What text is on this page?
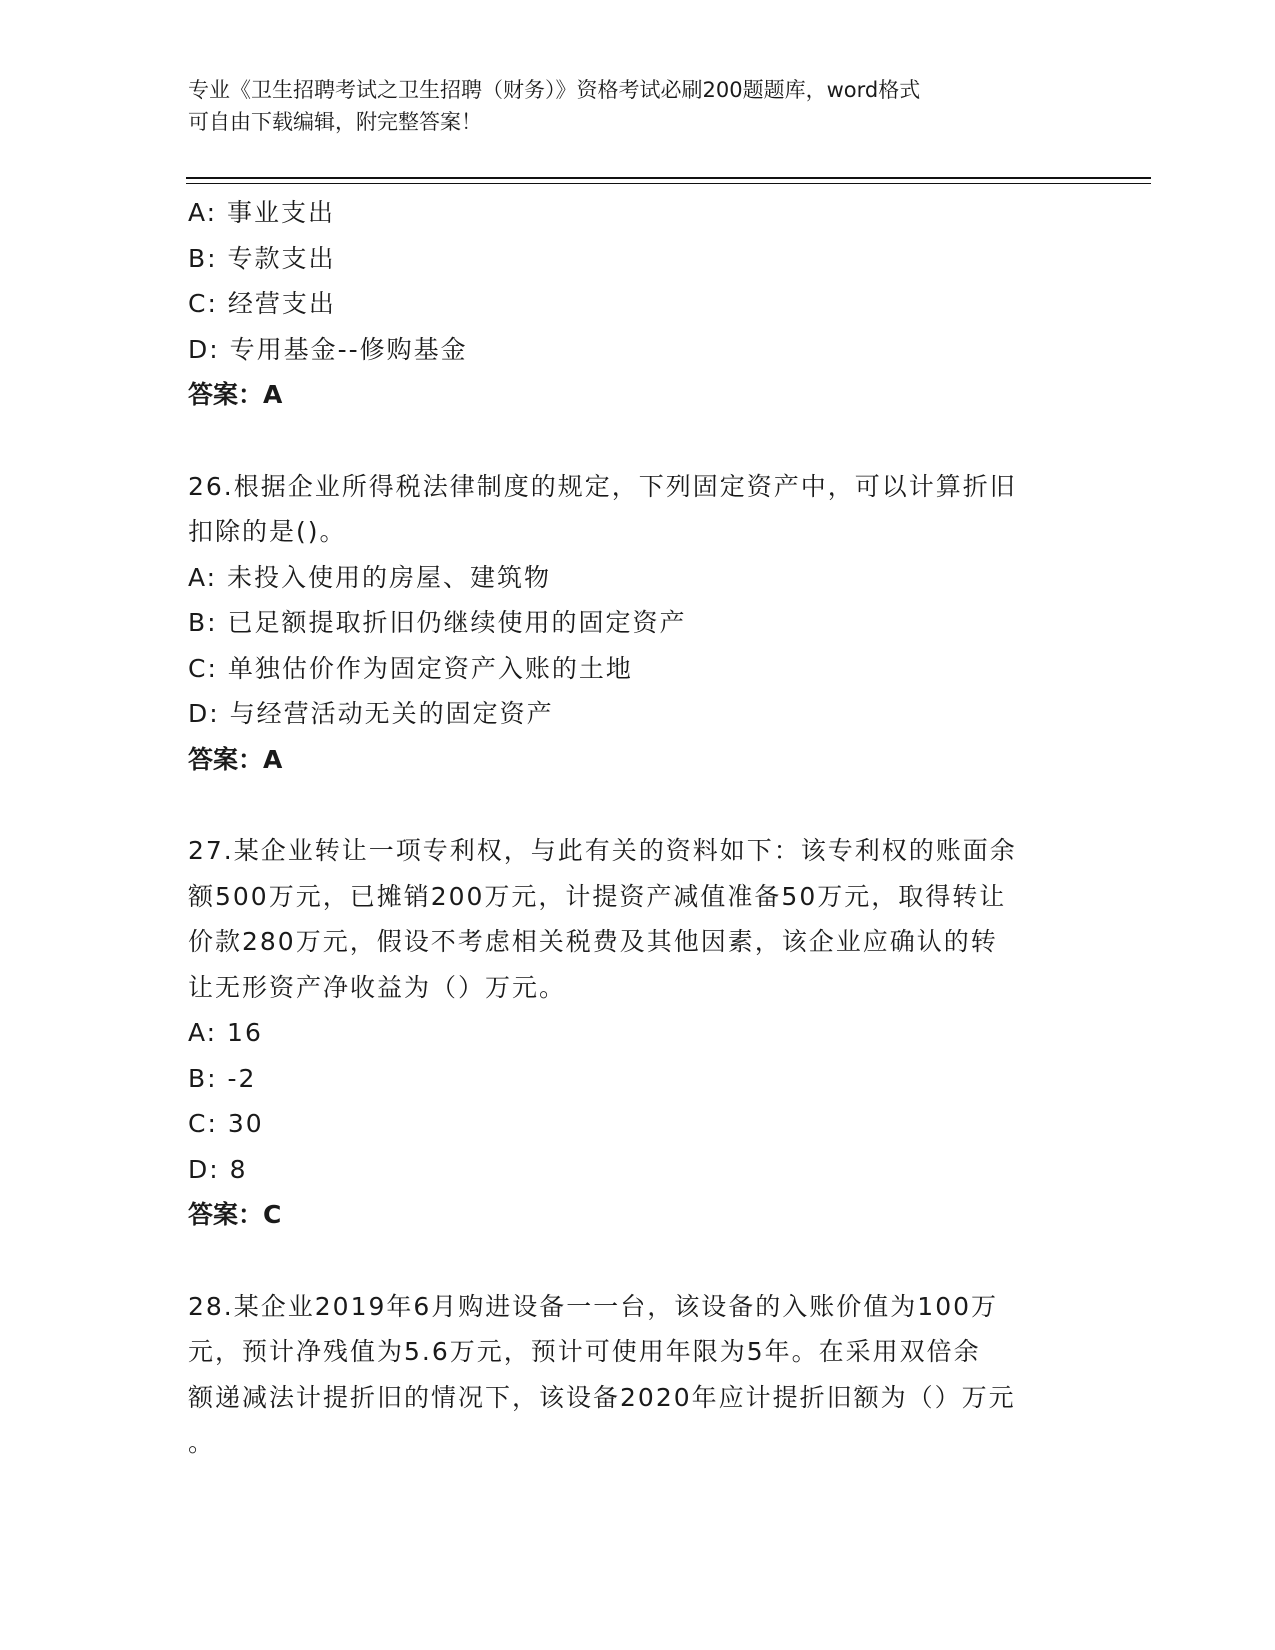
专业《卫生招聘考试之卫生招聘（财务）》资格考试必刷200题题库，word格式
可自由下载编辑，附完整答案！
A: 事业支出
B: 专款支出
C: 经营支出
D: 专用基金--修购基金
答案：A
26.根据企业所得税法律制度的规定，下列固定资产中，可以计算折旧
扣除的是()。
A: 未投入使用的房屋、建筑物
B: 已足额提取折旧仍继续使用的固定资产
C: 单独估价作为固定资产入账的土地
D: 与经营活动无关的固定资产
答案：A
27.某企业转让一项专利权，与此有关的资料如下：该专利权的账面余
额500万元，已摊销200万元，计提资产减值准备50万元，取得转让
价款280万元，假设不考虑相关税费及其他因素，该企业应确认的转
让无形资产净收益为（）万元。
A: 16
B: -2
C: 30
D: 8
答案：C
28.某企业2019年6月购进设备一一台，该设备的入账价值为100万
元，预计净残值为5.6万元，预计可使用年限为5年。在采用双倍余
额递减法计提折旧的情况下，该设备2020年应计提折旧额为（）万元
。
